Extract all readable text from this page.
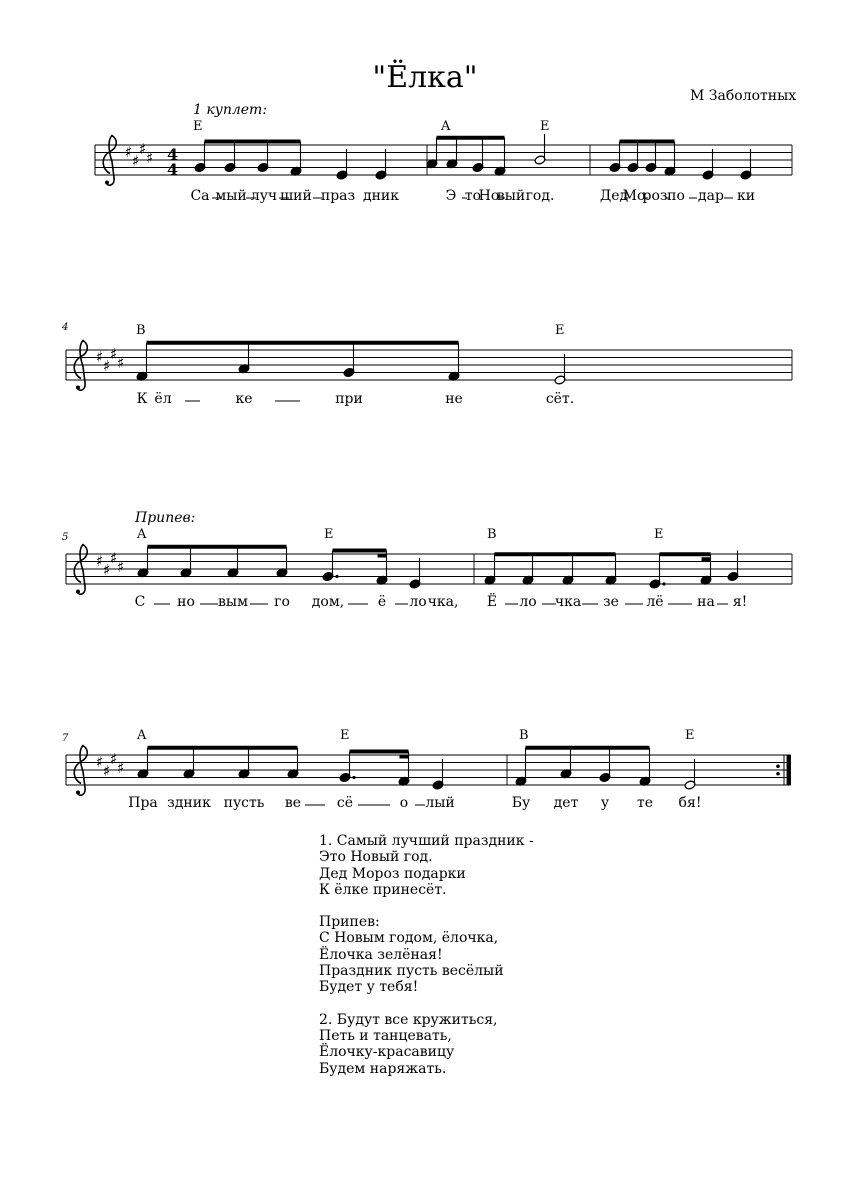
"Ёлка"
М Заболотных
1 куплет:
Припев:
4
5
7
E	A	E
B	E
A	E	B	E
A	E	B	E
4
4
Са мый луч ший праз дник	Э то
Но
вый год.	Дед
Мо
роз по дар ки
К ёл	ке	при	не	сёт.
С но вым го дом, ё ло чка, Ё ло чка зе лё на я!
Пра здник пусть ве	сё	о лый	Бу дет у те бя!
1. Самый лучший праздник -
Это Новый год.
Дед Мороз подарки
К ёлке принесёт.
Припев:
С Новым годом, ёлочка,
Ёлочка зелёная!
Праздник пусть весёлый
Будет у тебя!
2. Будут все кружиться,
Петь и танцевать,
Ёлочку-красавицу
Будем наряжать.
